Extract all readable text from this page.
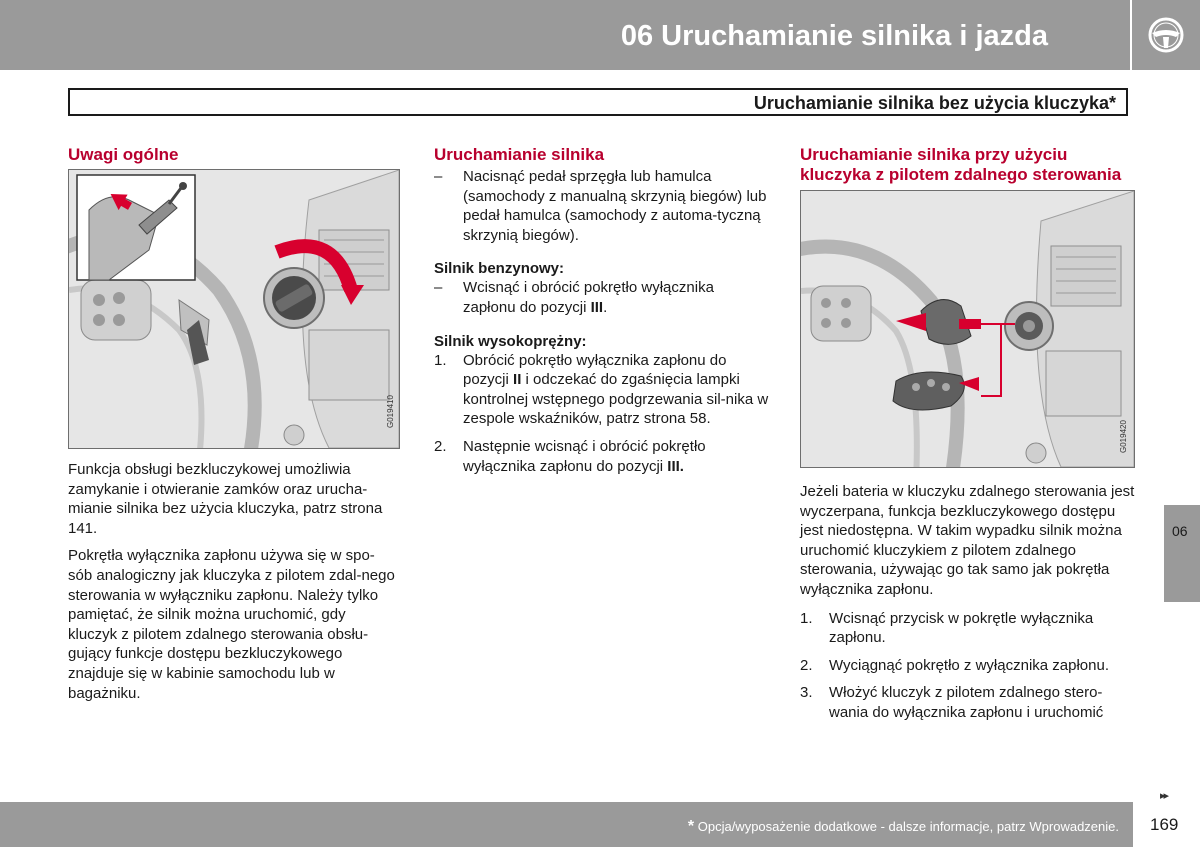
06 Uruchamianie silnika i jazda
Uruchamianie silnika bez użycia kluczyka*
Uwagi ogólne
G019410

Funkcja obsługi bezkluczykowej umożliwia zamykanie i otwieranie zamków oraz urucha-mianie silnika bez użycia kluczyka, patrz strona 141.

Pokrętła wyłącznika zapłonu używa się w spo-sób analogiczny jak kluczyka z pilotem zdal-nego sterowania w wyłączniku zapłonu. Należy tylko pamiętać, że silnik można uruchomić, gdy kluczyk z pilotem zdalnego sterowania obsłu-gujący funkcje dostępu bezkluczykowego znajduje się w kabinie samochodu lub w bagażniku.

Uruchamianie silnika
– Nacisnąć pedał sprzęgła lub hamulca (samochody z manualną skrzynią biegów) lub pedał hamulca (samochody z automa-tyczną skrzynią biegów).
Silnik benzynowy:
– Wcisnąć i obrócić pokrętło wyłącznika zapłonu do pozycji III.
Silnik wysokoprężny:
1. Obrócić pokrętło wyłącznika zapłonu do pozycji II i odczekać do zgaśnięcia lampki kontrolnej wstępnego podgrzewania sil-nika w zespole wskaźników, patrz strona 58.
2. Następnie wcisnąć i obrócić pokrętło wyłącznika zapłonu do pozycji III.
Uruchamianie silnika przy użyciu kluczyka z pilotem zdalnego sterowania
G019420

Jeżeli bateria w kluczyku zdalnego sterowania jest wyczerpana, funkcja bezkluczykowego dostępu jest niedostępna. W takim wypadku silnik można uruchomić kluczykiem z pilotem zdalnego sterowania, używając go tak samo jak pokrętła wyłącznika zapłonu.

1. Wcisnąć przycisk w pokrętle wyłącznika zapłonu.
2. Wyciągnąć pokrętło z wyłącznika zapłonu.
3. Włożyć kluczyk z pilotem zdalnego stero-wania do wyłącznika zapłonu i uruchomić
06
▸▸
* Opcja/wyposażenie dodatkowe - dalsze informacje, patrz Wprowadzenie. 169
